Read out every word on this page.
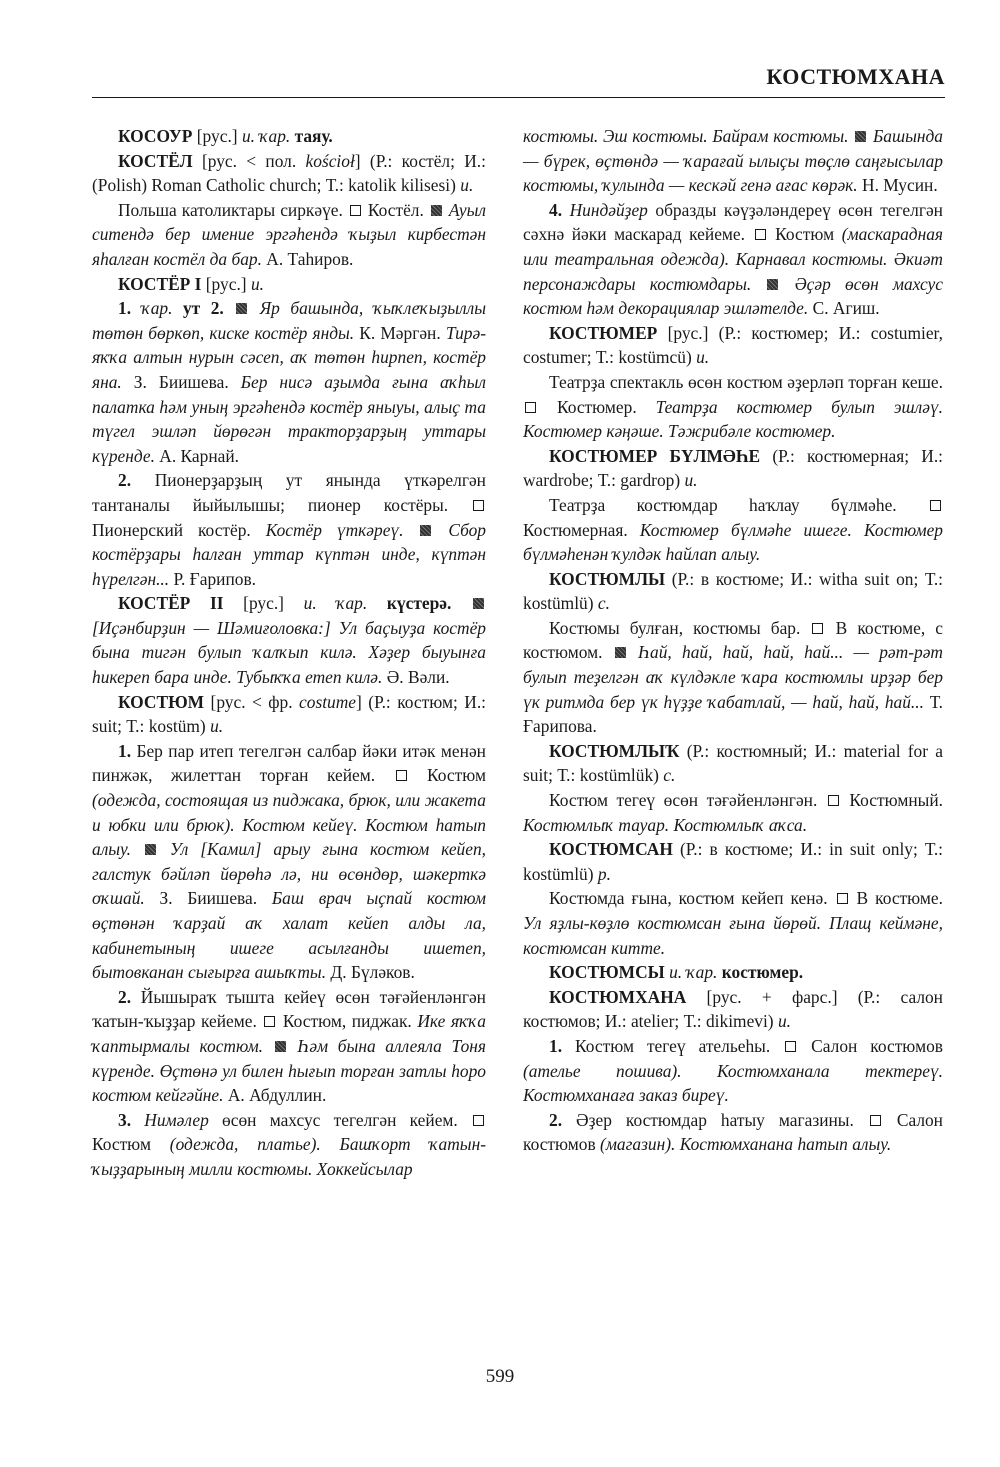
КОСТЮМХАНА

КОСОУР [рус.] и. ҡар. таяу.

КОСТЁЛ [рус. < пол. kościoł] (Р.: костёл; И.: (Polish) Roman Catholic church; Т.: katolik kilisesi) и.

Польша католиктары сиркәүе.  Костёл.  Ауыл ситендә бер имение эргәһендә ҡыҙыл кирбестән яһалған костёл да бар. А. Таһиров.

КОСТЁР I [рус.] и.

1. ҡар. ут 2.  Яр башында, ҡыҡлеҡыҙыллы төтөн бөркөп, киске костёр янды. К. Мәргән. Тирә-яҡҡа алтын нурын сәсеп, аҡ төтөн һирпеп, костёр яна. З. Биишева. Бер нисә аҙымда ғына аҡһыл палатка һәм уның эргәһендә костёр яныуы, алыҫ та түгел эшләп йөрөгән тракторҙарҙың уттары күренде. А. Карнай.

2. Пионерҙарҙың ут янында үткәрелгән тантаналы йыйылышы; пионер костёры.  Пионерский костёр. Костёр үткәреү.  Сбор костёрҙары һалған уттар күптән инде, күптән һүрелгән... Р. Ғарипов.

КОСТЁР II [рус.] и. ҡар. күстерә.  [Иҫәнбирҙин — Шәмиғоловка:] Ул баҫыуҙа костёр бына тигән булып ҡалҡып килә. Хәҙер быуынға һикереп бара инде. Тубыҡҡа етеп килә. Ә. Вәли.

КОСТЮМ [рус. < фр. costume] (Р.: костюм; И.: suit; Т.: kostüm) и.

1. Бер пар итеп тегелгән салбар йәки итәк менән пинжәк, жилеттан торған кейем.  Костюм (одежда, состоящая из пиджака, брюк, или жакета и юбки или брюк). Костюм кейеү. Костюм һатып алыу.  Ул [Камил] арыу ғына костюм кейеп, галстук бәйләп йөрөһә лә, ни өсөндөр, шәкерткә оҡшай. З. Биишева. Баш врач ыҫпай костюм өҫтөнән ҡарҙай аҡ халат кейеп алды ла, кабинетының ишеге асылғанды ишетеп, бытовканан сығырға ашыҡты. Д. Бүләков.

2. Йышыраҡ тышта кейеү өсөн тәғәйенләнгән ҡатын-ҡыҙҙар кейеме.  Костюм, пиджак. Ике яҡҡа ҡаптырмалы костюм.  Һәм бына аллеяла Тоня күренде. Өҫтөнә ул билен һығып торған затлы һоро костюм кейгәйне. А. Абдуллин.

3. Нимәлер өсөн махсус тегелгән кейем.  Костюм (одежда, платье). Башҡорт ҡатын-ҡыҙҙарының милли костюмы. Хоккейсылар

костюмы. Эш костюмы. Байрам костюмы.  Башында — бүрек, өҫтөндә — ҡарағай ылыҫы төҫлө саңғысылар костюмы, ҡулында — кескәй генә ағас көрәк. Н. Мусин.

4. Ниндәйҙер образды кәүҙәләндереү өсөн тегелгән сәхнә йәки маскарад кейеме.  Костюм (маскарадная или театральная одежда). Карнавал костюмы. Әкиәт персонаждары костюмдары.  Әҫәр өсөн махсус костюм һәм декорациялар эшләтелде. С. Агиш.

КОСТЮМЕР [рус.] (Р.: костюмер; И.: costumier, costumer; Т.: kostümcü) и.

Театрҙа спектакль өсөн костюм әҙерләп торған кеше.  Костюмер. Театрҙа костюмер булып эшләү. Костюмер кәңәше. Тәжрибәле костюмер.

КОСТЮМЕР БҮЛМӘҺЕ (Р.: костюмерная; И.: wardrobe; Т.: gardrop) и.

Театрҙа костюмдар һаҡлау бүлмәһе.  Костюмерная. Костюмер бүлмәһе ишеге. Костюмер бүлмәһенән ҡулдәк һайлап алыу.

КОСТЮМЛЫ (Р.: в костюме; И.: witha suit on; Т.: kostümlü) с.

Костюмы булған, костюмы бар.  В костюме, с костюмом.  Һай, һай, һай, һай, һай... — рәт-рәт булып теҙелгән аҡ күлдәкле ҡара костюмлы ирҙәр бер үк ритмда бер үк һүҙҙе ҡабатлай, — һай, һай, һай... Т. Ғарипова.

КОСТЮМЛЫҠ (Р.: костюмный; И.: material for a suit; Т.: kostümlük) с.

Костюм тегеү өсөн тәғәйенләнгән.  Костюмный. Костюмлыҡ тауар. Костюмлыҡ аҡса.

КОСТЮМСАН (Р.: в костюме; И.: in suit only; Т.: kostümlü) р.

Костюмда ғына, костюм кейеп кенә.  В костюме. Ул яҙлы-көҙлө костюмсан ғына йөрөй. Плащ кеймәне, костюмсан китте.

КОСТЮМСЫ и. ҡар. костюмер.

КОСТЮМХАНА [рус. + фарс.] (Р.: салон костюмов; И.: atelier; Т.: dikimevi) и.

1. Костюм тегеү ательеһы.  Салон костюмов (ателье пошива). Костюмханала тектереү. Костюмханаға заказ биреү.

2. Әҙер костюмдар һатыу магазины.  Салон костюмов (магазин). Костюмханана һатып алыу.

599
